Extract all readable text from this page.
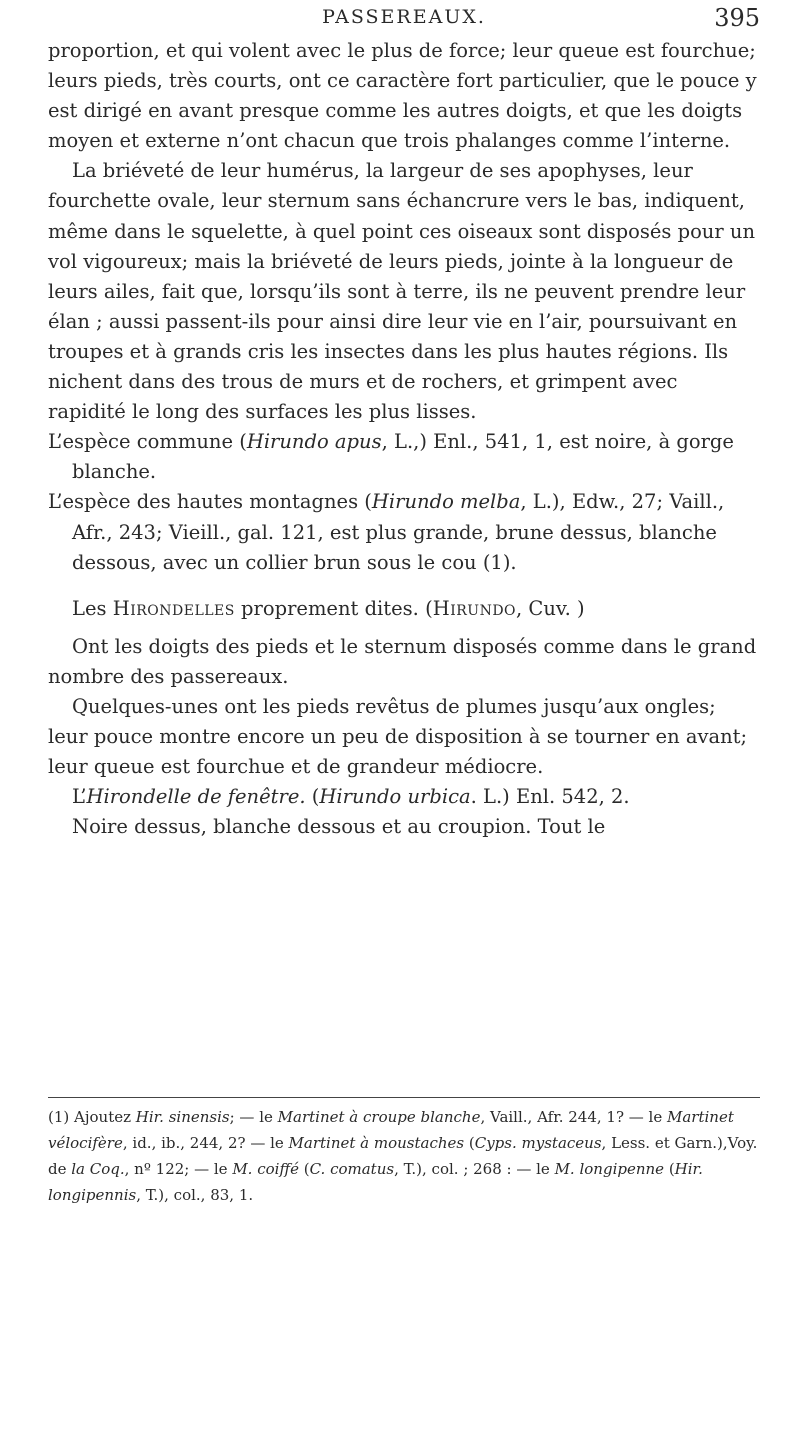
PASSEREAUX.	395

proportion, et qui volent avec le plus de force; leur queue est fourchue; leurs pieds, très courts, ont ce caractère fort particulier, que le pouce y est dirigé en avant presque comme les autres doigts, et que les doigts moyen et externe n’ont chacun que trois phalanges comme l’interne.

La briéveté de leur humérus, la largeur de ses apophyses, leur fourchette ovale, leur sternum sans échancrure vers le bas, indiquent, même dans le squelette, à quel point ces oiseaux sont disposés pour un vol vigoureux; mais la briéveté de leurs pieds, jointe à la longueur de leurs ailes, fait que, lorsqu’ils sont à terre, ils ne peuvent prendre leur élan ; aussi passent-ils pour ainsi dire leur vie en l’air, poursuivant en troupes et à grands cris les insectes dans les plus hautes régions. Ils nichent dans des trous de murs et de rochers, et grimpent avec rapidité le long des surfaces les plus lisses.

L’espèce commune (Hirundo apus, L.,) Enl., 541, 1, est noire, à gorge blanche.

L’espèce des hautes montagnes (Hirundo melba, L.), Edw., 27; Vaill., Afr., 243; Vieill., gal. 121, est plus grande, brune dessus, blanche dessous, avec un collier brun sous le cou (1).

Les Hirondelles proprement dites. (Hirundo, Cuv. )

Ont les doigts des pieds et le sternum disposés comme dans le grand nombre des passereaux.

Quelques-unes ont les pieds revêtus de plumes jusqu’aux ongles; leur pouce montre encore un peu de disposition à se tourner en avant; leur queue est fourchue et de grandeur médiocre.

L’Hirondelle de fenêtre. (Hirundo urbica. L.) Enl. 542, 2.

Noire dessus, blanche dessous et au croupion. Tout le

(1) Ajoutez Hir. sinensis; — le Martinet à croupe blanche, Vaill., Afr. 244, 1? — le Martinet vélocifère, id., ib., 244, 2? — le Martinet à moustaches (Cyps. mystaceus, Less. et Garn.),Voy. de la Coq., nº 122; — le M. coiffé (C. comatus, T.), col. ; 268 : — le M. longipenne (Hir. longipennis, T.), col., 83, 1.
